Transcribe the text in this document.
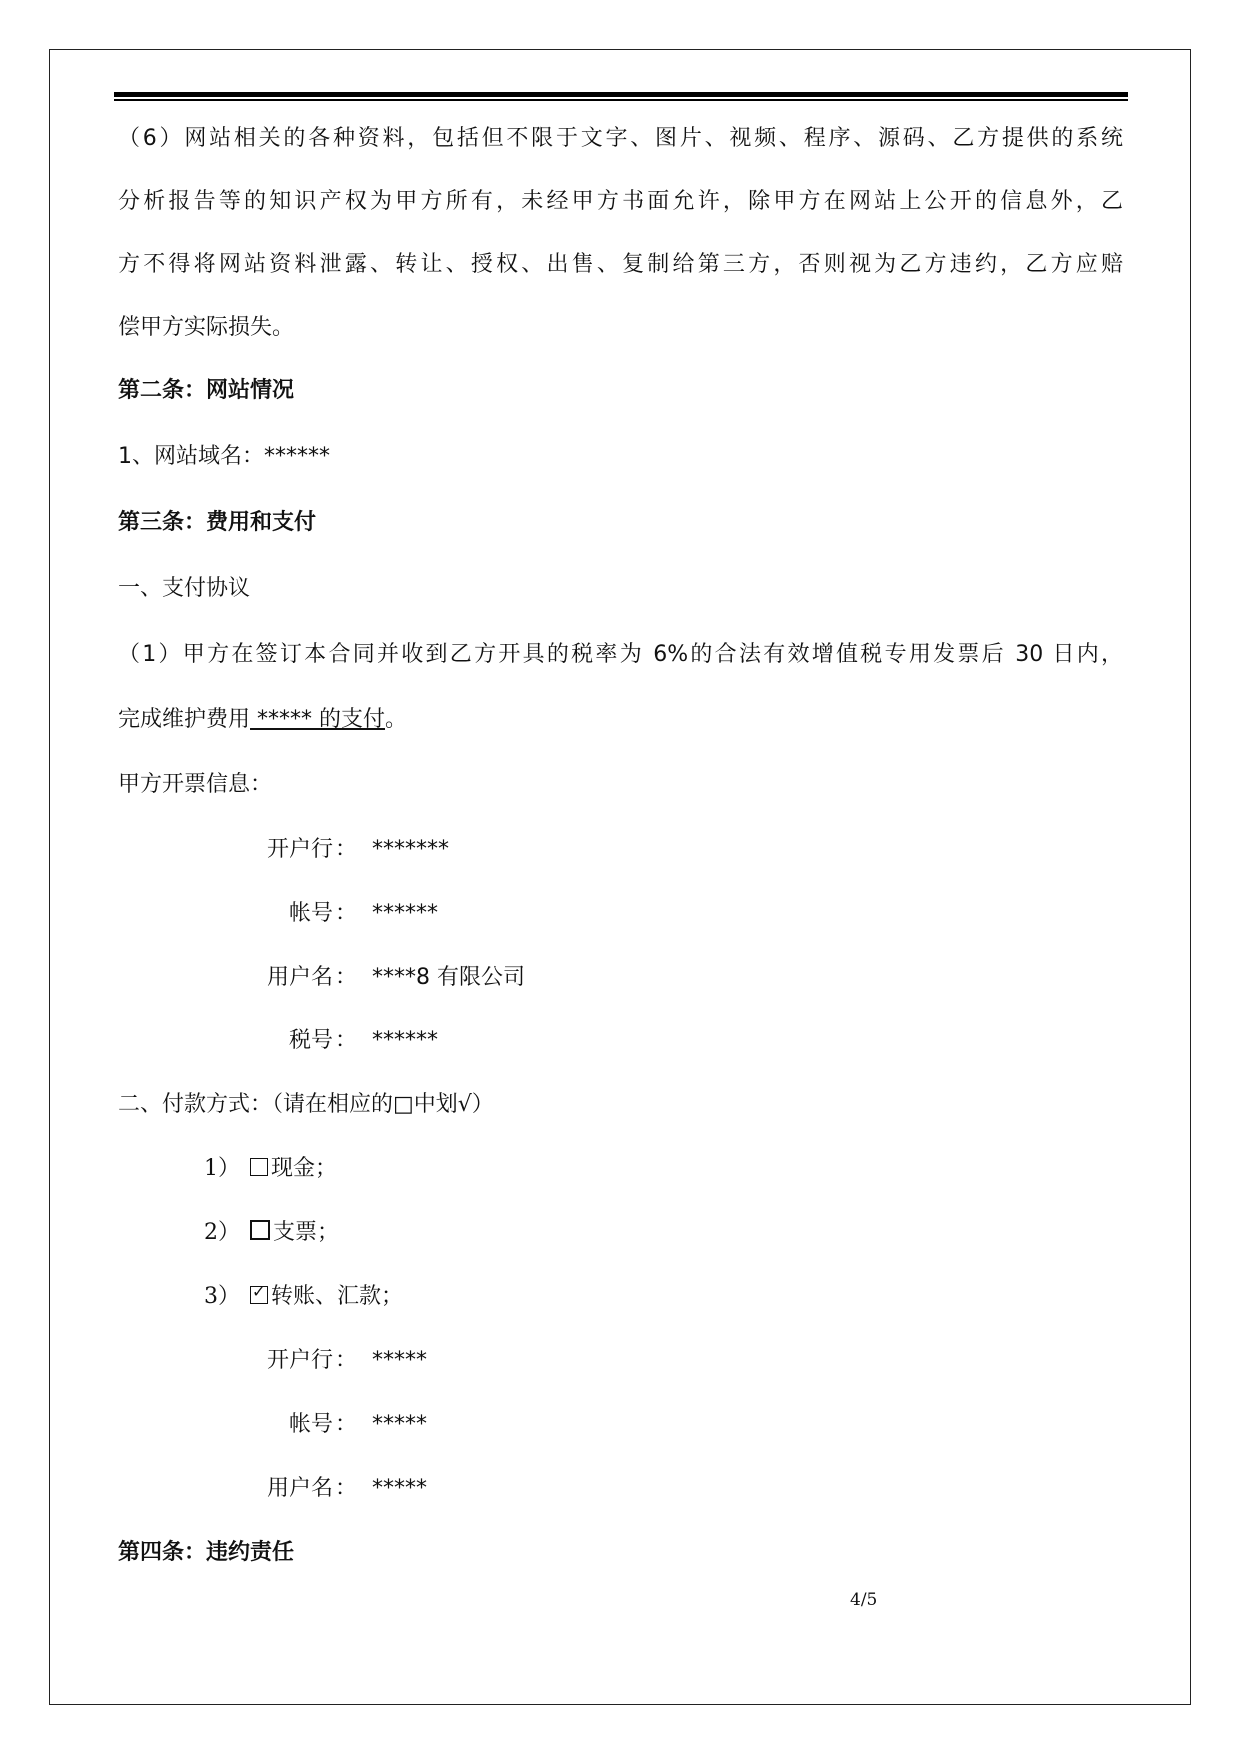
（6）网站相关的各种资料，包括但不限于文字、图片、视频、程序、源码、乙方提供的系统
分析报告等的知识产权为甲方所有，未经甲方书面允许，除甲方在网站上公开的信息外，乙
方不得将网站资料泄露、转让、授权、出售、复制给第三方，否则视为乙方违约，乙方应赔
偿甲方实际损失。
第二条：网站情况
1、网站域名：******
第三条：费用和支付
一、支付协议
（1）甲方在签订本合同并收到乙方开具的税率为 6%的合法有效增值税专用发票后 30 日内，
完成维护费用 ***** 的支付。
甲方开票信息：
开户行 ： *******
帐号 ： ******
用户名 ： ****8 有限公司
税号 ： ******
二、付款方式：（请在相应的□中划√）
1）	现金；
2）	支票；
3）
✓	转账、汇款；
开户行 ： *****
帐号 ： *****
用户名 ： *****
第四条：违约责任
4/5
